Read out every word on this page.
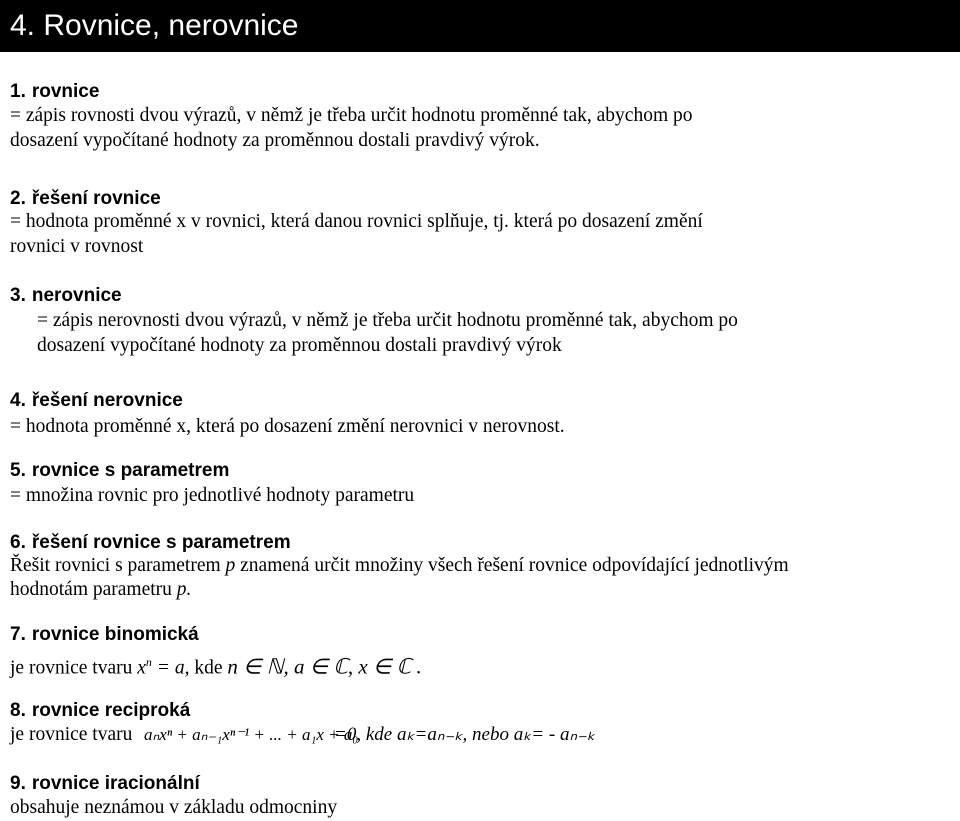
4. Rovnice, nerovnice
1. rovnice
= zápis rovnosti dvou výrazů, v němž je třeba určit hodnotu proměnné tak, abychom po
dosazení vypočítané hodnoty za proměnnou dostali pravdivý výrok.
2. řešení rovnice
= hodnota proměnné x v rovnici, která danou rovnici splňuje, tj. která po dosazení změní
rovnici v rovnost
3. nerovnice
= zápis nerovnosti dvou výrazů, v němž je třeba určit hodnotu proměnné tak, abychom po
dosazení vypočítané hodnoty za proměnnou dostali pravdivý výrok
4. řešení nerovnice
= hodnota proměnné x, která po dosazení změní nerovnici v nerovnost.
5. rovnice s parametrem
= množina rovnic pro jednotlivé hodnoty parametru
6. řešení rovnice s parametrem
Řešit rovnici s parametrem p znamená určit množiny všech řešení rovnice odpovídající jednotlivým
hodnotám parametru p.
7. rovnice binomická
je rovnice tvaru $x^n = a$, kde n ∈ ℕ, a ∈ ℂ, x ∈ ℂ .
8. rovnice reciproká
je rovnice tvaru aₙxⁿ + aₙ₋₁xⁿ⁻¹ + ... + a₁x + a₀
=0, kde aₖ=aₙ₋ₖ, nebo aₖ= - aₙ₋ₖ
9. rovnice iracionální
obsahuje neznámou v základu odmocniny
